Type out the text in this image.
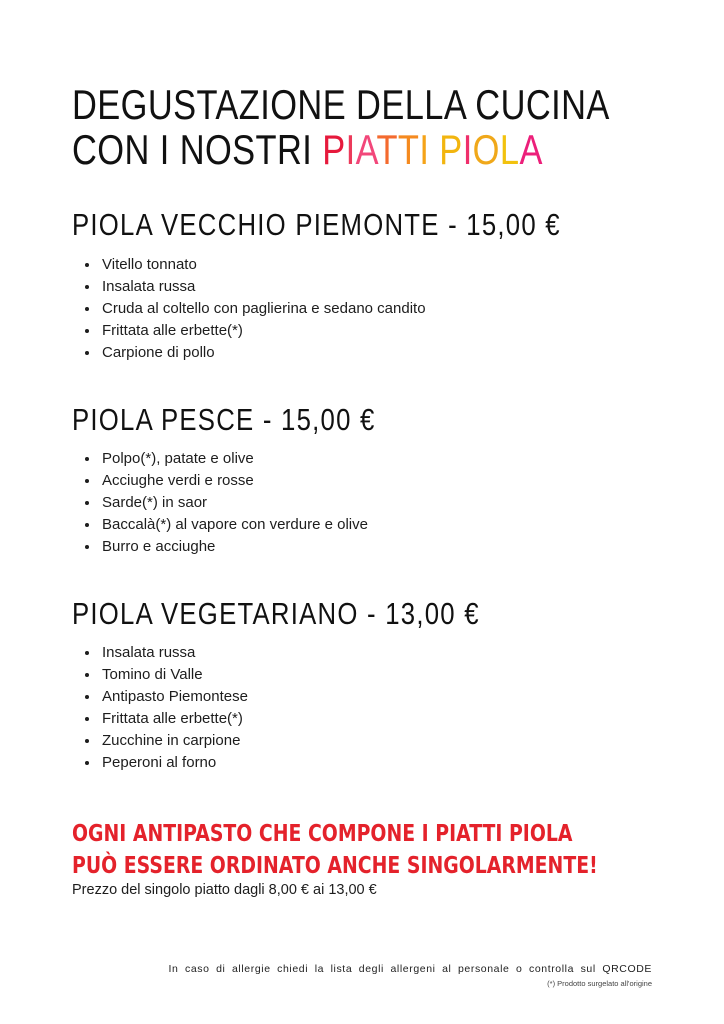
DEGUSTAZIONE DELLA CUCINA
CON I NOSTRI PIATTI PIOLA
PIOLA VECCHIO PIEMONTE - 15,00 €
• Vitello tonnato
• Insalata russa
• Cruda al coltello con paglierina e sedano candito
• Frittata alle erbette(*)
• Carpione di pollo
PIOLA PESCE - 15,00 €
• Polpo(*), patate e olive
• Acciughe verdi e rosse
• Sarde(*) in saor
• Baccalà(*) al vapore con verdure e olive
• Burro e acciughe
PIOLA VEGETARIANO - 13,00 €
• Insalata russa
• Tomino di Valle
• Antipasto Piemontese
• Frittata alle erbette(*)
• Zucchine in carpione
• Peperoni al forno

OGNI ANTIPASTO CHE COMPONE I PIATTI PIOLA
PUÒ ESSERE ORDINATO ANCHE SINGOLARMENTE!

Prezzo del singolo piatto dagli 8,00 € ai 13,00 €
In caso di allergie chiedi la lista degli allergeni al personale o controlla sul QRCODE
(*) Prodotto surgelato all'origine
